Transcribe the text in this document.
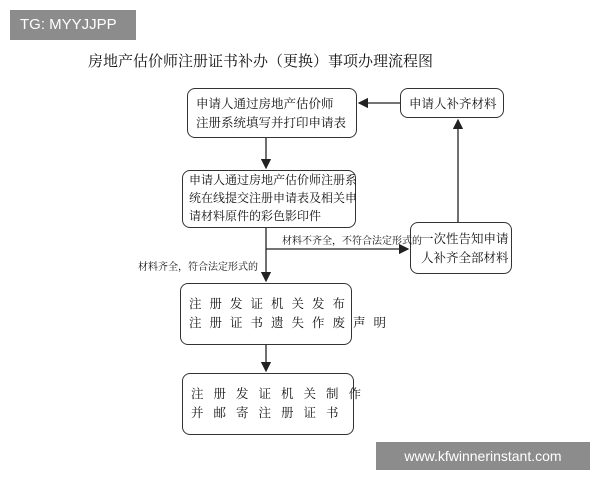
TG: MYYJJPP
房地产估价师注册证书补办（更换）事项办理流程图
申请人通过房地产估价师
注册系统填写并打印申请表
申请人通过房地产估价师注册系
统在线提交注册申请表及相关申
请材料原件的彩色影印件
申请人补齐材料
一次性告知申请
人补齐全部材料
注册发证机关发布
注册证书遗失作废声明
注册发证机关制作
并邮寄注册证书
材料不齐全，不符合法定形式的
材料齐全，符合法定形式的
www.kfwinnerinstant.com
